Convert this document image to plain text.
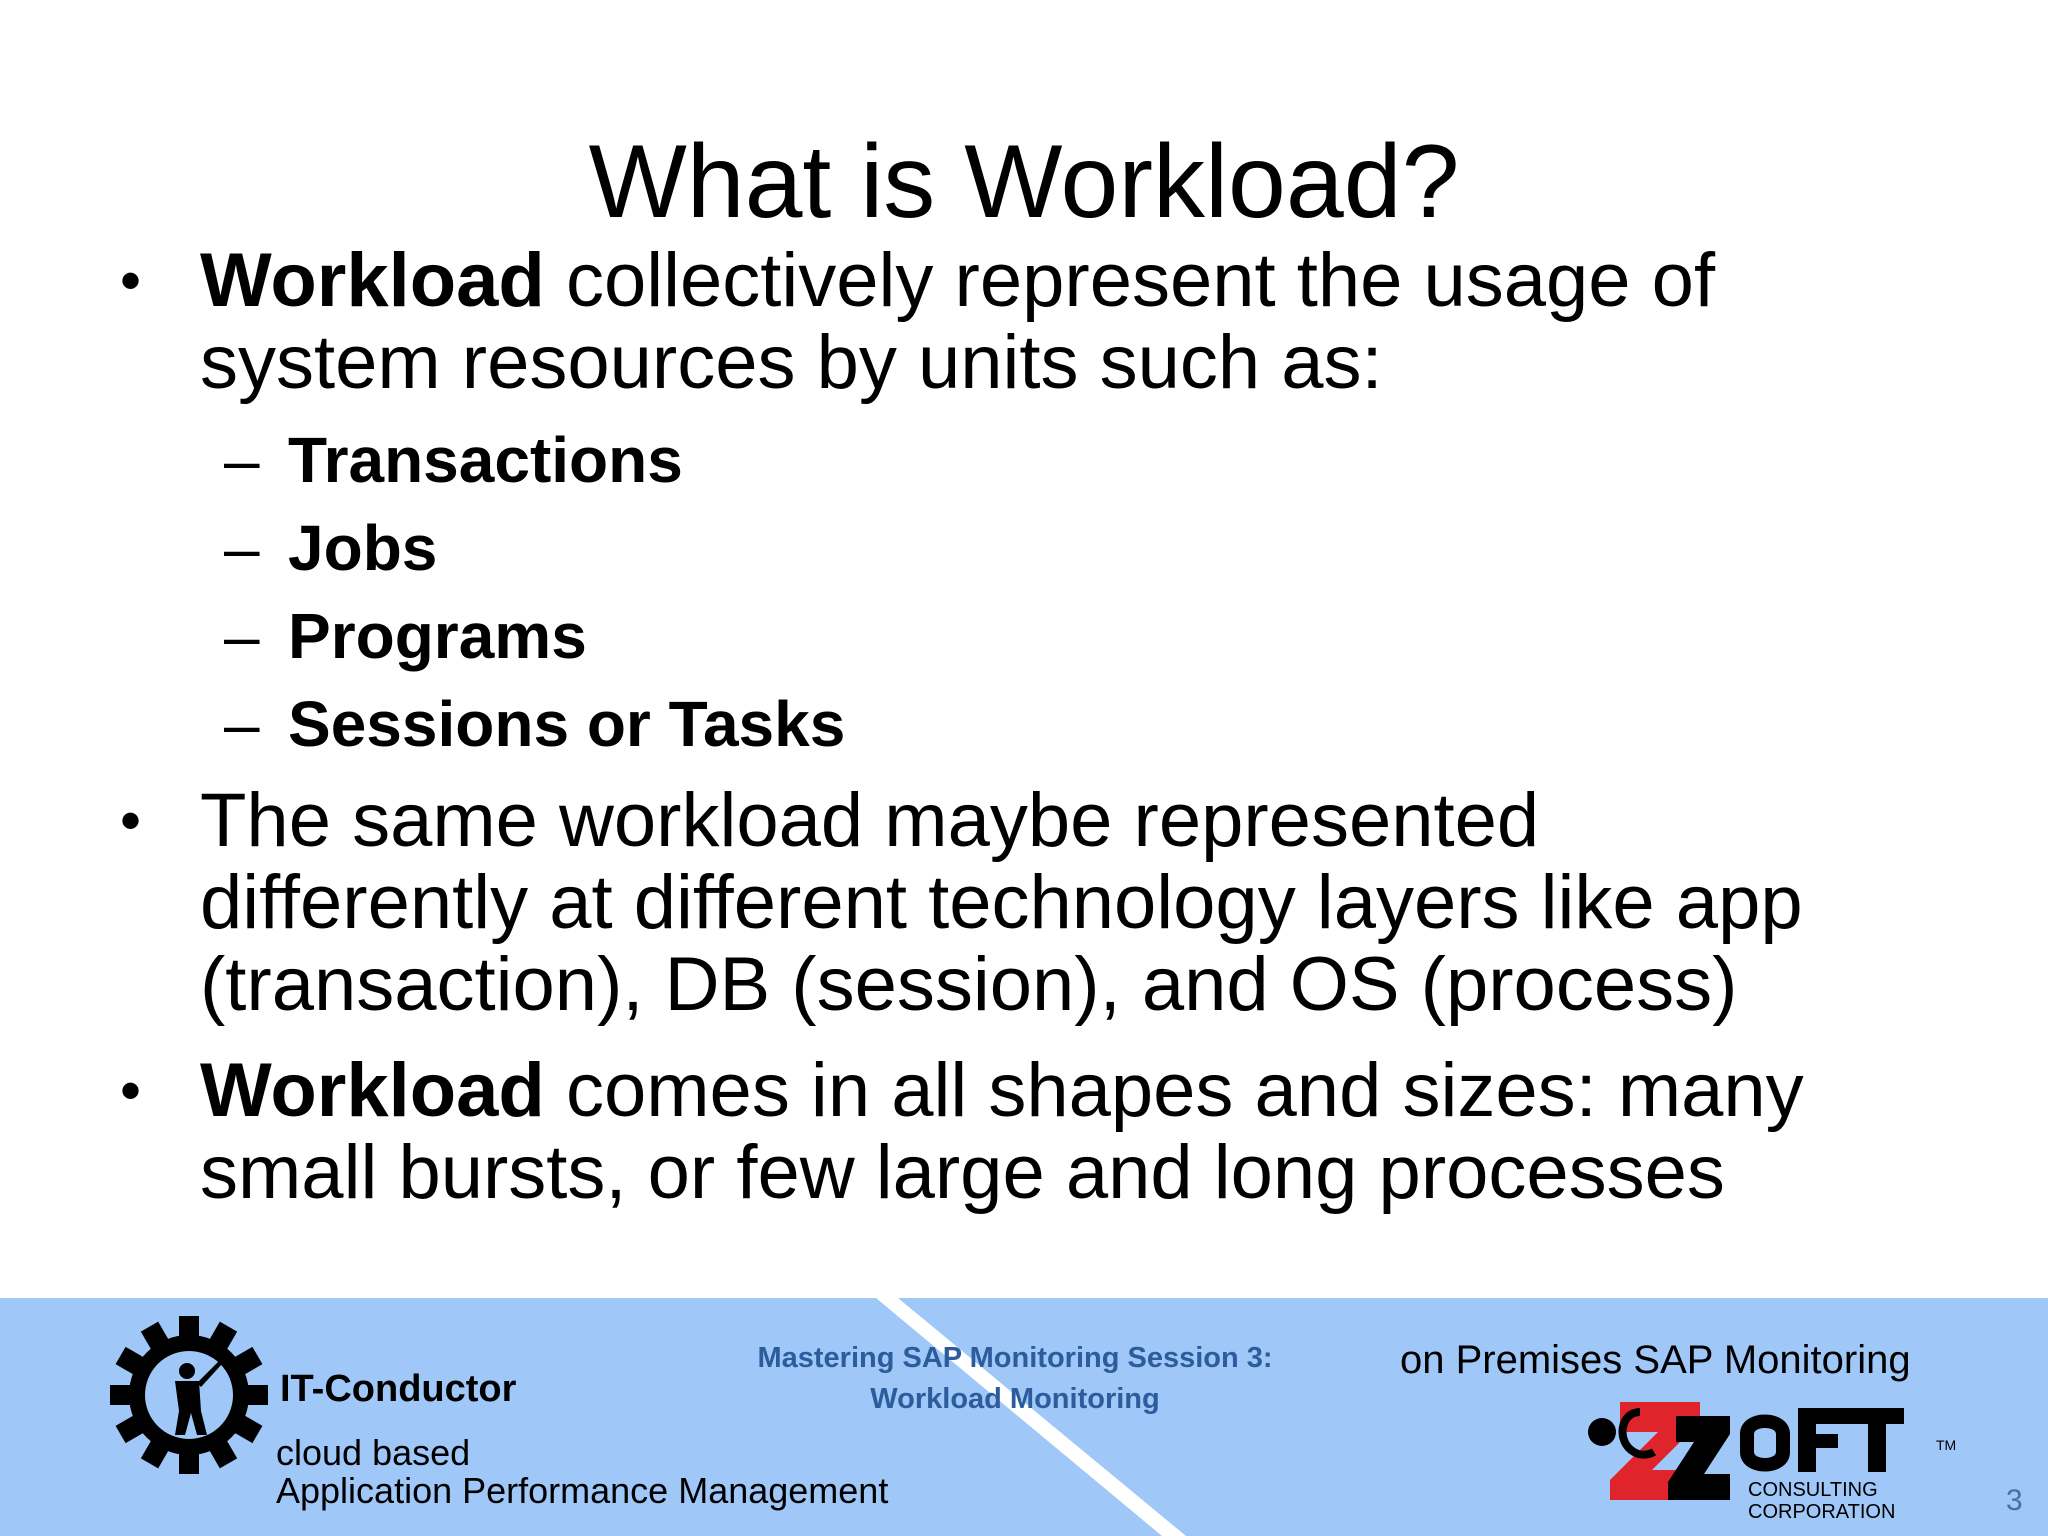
What is Workload?
• Workload collectively represent the usage of
system resources by units such as:
– Transactions
– Jobs
– Programs
– Sessions or Tasks
• The same workload maybe represented
differently at different technology layers like app
(transaction), DB (session), and OS (process)
• Workload comes in all shapes and sizes: many
small bursts, or few large and long processes
IT-Conductor
cloud based
Application Performance Management
Mastering SAP Monitoring Session 3:
Workload Monitoring
on Premises SAP Monitoring
CONSULTING
CORPORATION
TM
3
